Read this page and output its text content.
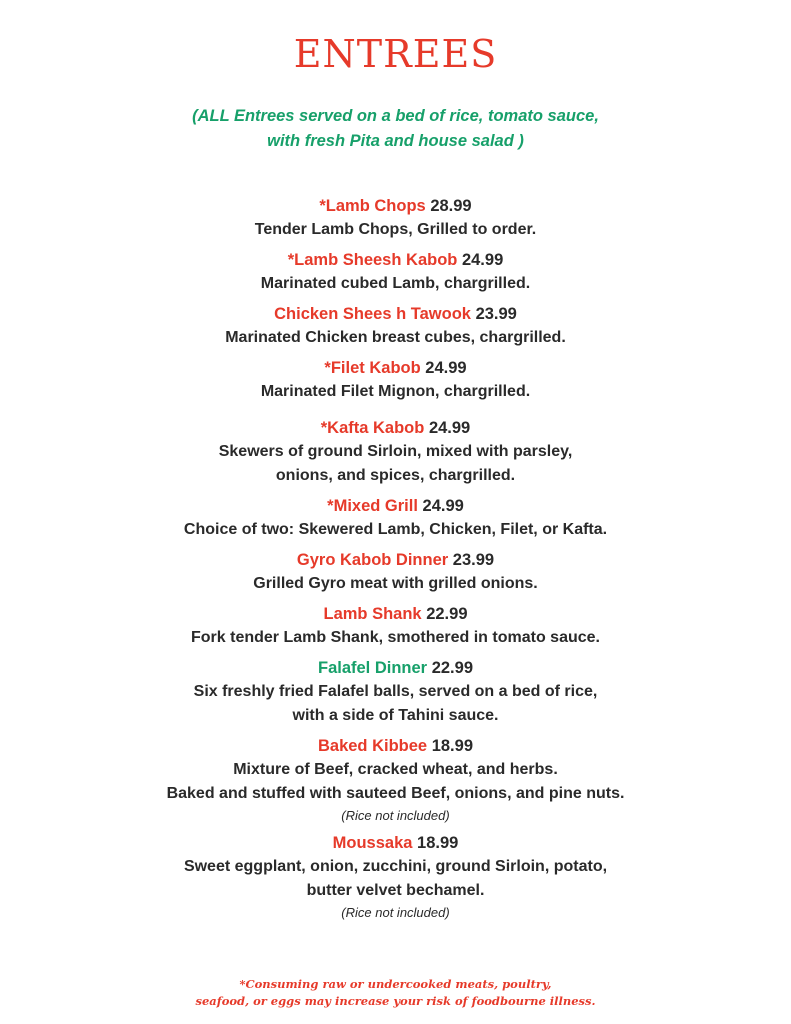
ENTREES
(ALL Entrees served on a bed of rice, tomato sauce,
with fresh Pita and house salad )
*Lamb Chops 28.99
Tender Lamb Chops, Grilled to order.
*Lamb Sheesh Kabob 24.99
Marinated cubed Lamb, chargrilled.
Chicken Shees h Tawook 23.99
Marinated Chicken breast cubes, chargrilled.
*Filet Kabob 24.99
Marinated Filet Mignon, chargrilled.
*Kafta Kabob 24.99
Skewers of ground Sirloin, mixed with parsley,
onions, and spices, chargrilled.
*Mixed Grill 24.99
Choice of two: Skewered Lamb, Chicken, Filet, or Kafta.
Gyro Kabob Dinner 23.99
Grilled Gyro meat with grilled onions.
Lamb Shank 22.99
Fork tender Lamb Shank, smothered in tomato sauce.
Falafel Dinner 22.99
Six freshly fried Falafel balls, served on a bed of rice,
with a side of Tahini sauce.
Baked Kibbee 18.99
Mixture of Beef, cracked wheat, and herbs.
Baked and stuffed with sauteed Beef, onions, and pine nuts.
(Rice not included)
Moussaka 18.99
Sweet eggplant, onion, zucchini, ground Sirloin, potato,
butter velvet bechamel.
(Rice not included)
*Consuming raw or undercooked meats, poultry,
seafood, or eggs may increase your risk of foodbourne illness.
